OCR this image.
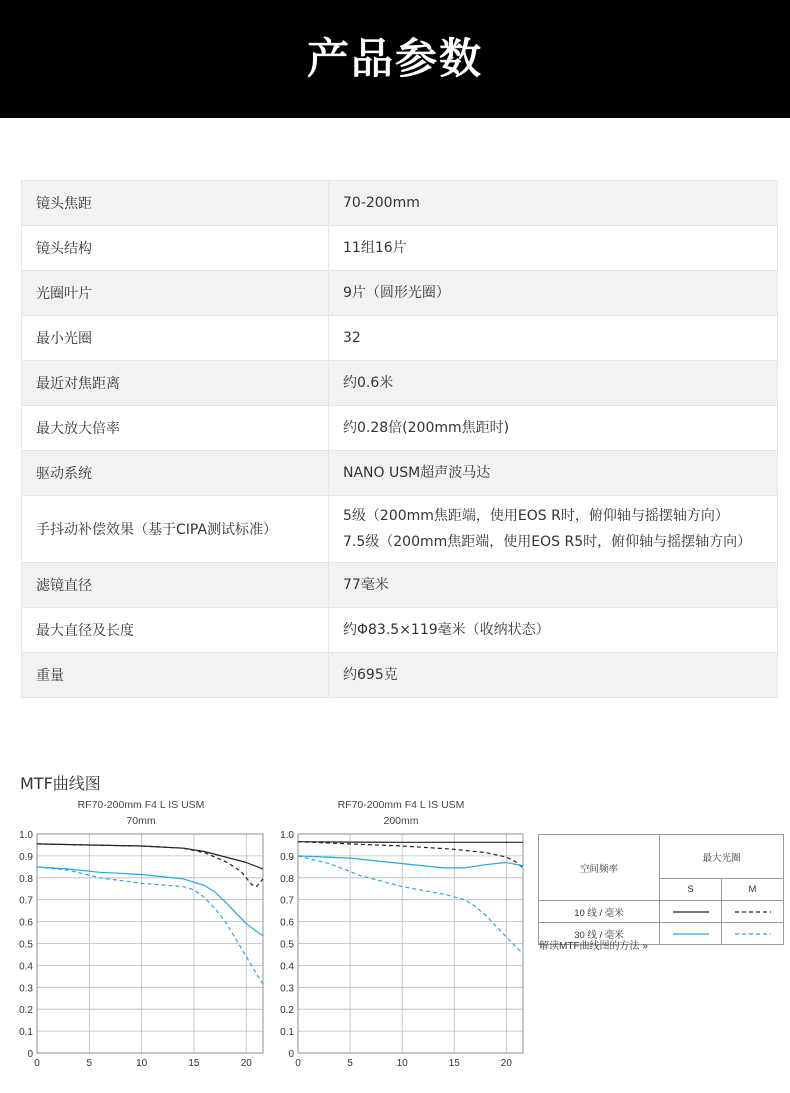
产品参数
镜头焦距	70-200mm
镜头结构	11组16片
光圈叶片	9片（圆形光圈）
最小光圈	32
最近对焦距离	约0.6米
最大放大倍率	约0.28倍(200mm焦距时)
驱动系统	NANO USM超声波马达
手抖动补偿效果（基于CIPA测试标准）	5级（200mm焦距端，使用EOS R时，俯仰轴与摇摆轴方向）
7.5级（200mm焦距端，使用EOS R5时，俯仰轴与摇摆轴方向）

滤镜直径	77毫米
最大直径及长度	约Φ83.5×119毫米（收纳状态）
重量	约695克
MTF曲线图
RF70-200mm F4 L IS USM
70mm
RF70-200mm F4 L IS USM
200mm
0
0.1
0.2
0.3
0.4
0.5
0.6
0.7
0.8
0.9
1.0
0	5	10	15	20
0
0.1
0.2
0.3
0.4
0.5
0.6
0.7
0.8
0.9
1.0
0	5	10	15	20
空间频率	最大光圈	
	S	M
10 线 / 毫米		
30 线 / 毫米		
解读MTF曲线图的方法 »
